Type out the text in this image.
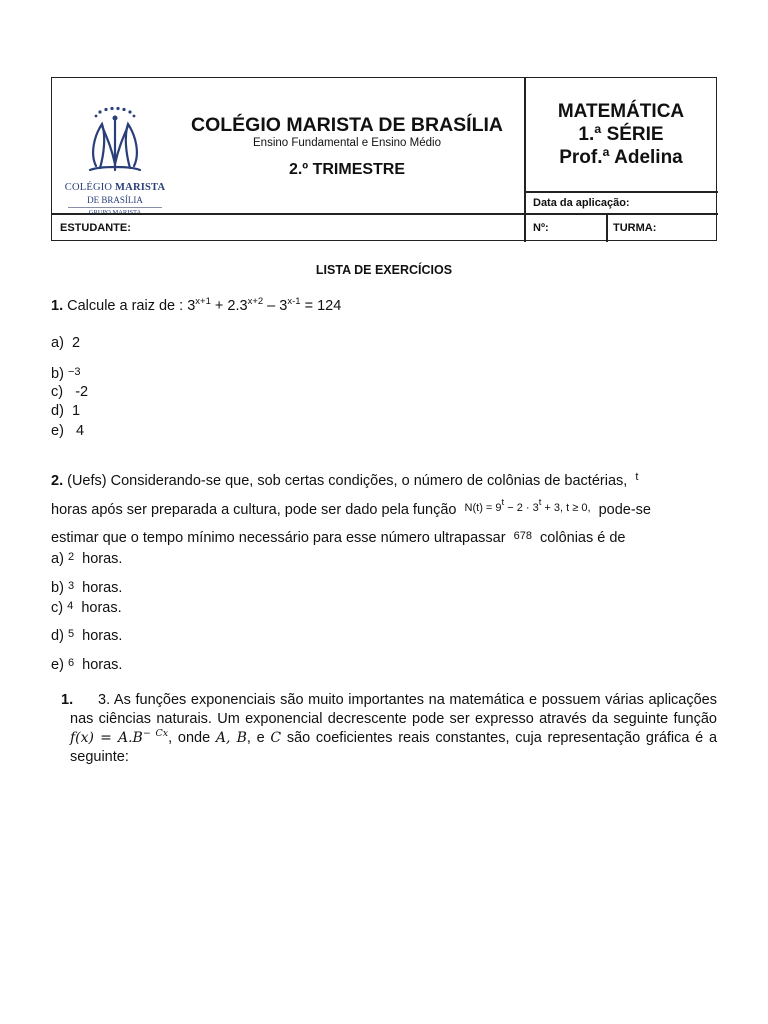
COLÉGIO MARISTA
DE BRASÍLIA
COLÉGIO MARISTA DE BRASÍLIA
Ensino Fundamental e Ensino Médio
2.º TRIMESTRE
MATEMÁTICA
1.ª SÉRIE
Prof.ª Adelina
Data da aplicação:
ESTUDANTE:	Nº:	TURMA:
LISTA DE EXERCÍCIOS
1. Calcule a raiz de : $3^{x+1} + 2.3^{x+2} - 3^{x-1} = 124$
a) 2
b) $^{-3}$
c) -2
d) 1
e) 4
2. (Uefs) Considerando-se que, sob certas condições, o número de colônias de bactérias, $^t$
horas após ser preparada a cultura, pode ser dado pela função $^{N(t) = 9^t - 2 \cdot 3^t + 3, t \ge 0,}$ pode-se
estimar que o tempo mínimo necessário para esse número ultrapassar $^{678}$ colônias é de
a) $^2$ horas.
b) $^3$ horas.
c) $^4$ horas.
d) $^5$ horas.
e) $^6$ horas.
1.	3. As funções exponenciais são muito importantes na matemática e possuem várias aplicações nas ciências naturais. Um exponencial decrescente pode ser expresso através da seguinte função $f(x) = A.B^{- Cx}$, onde A, B, e C são coeficientes reais constantes, cuja representação gráfica é a seguinte:
